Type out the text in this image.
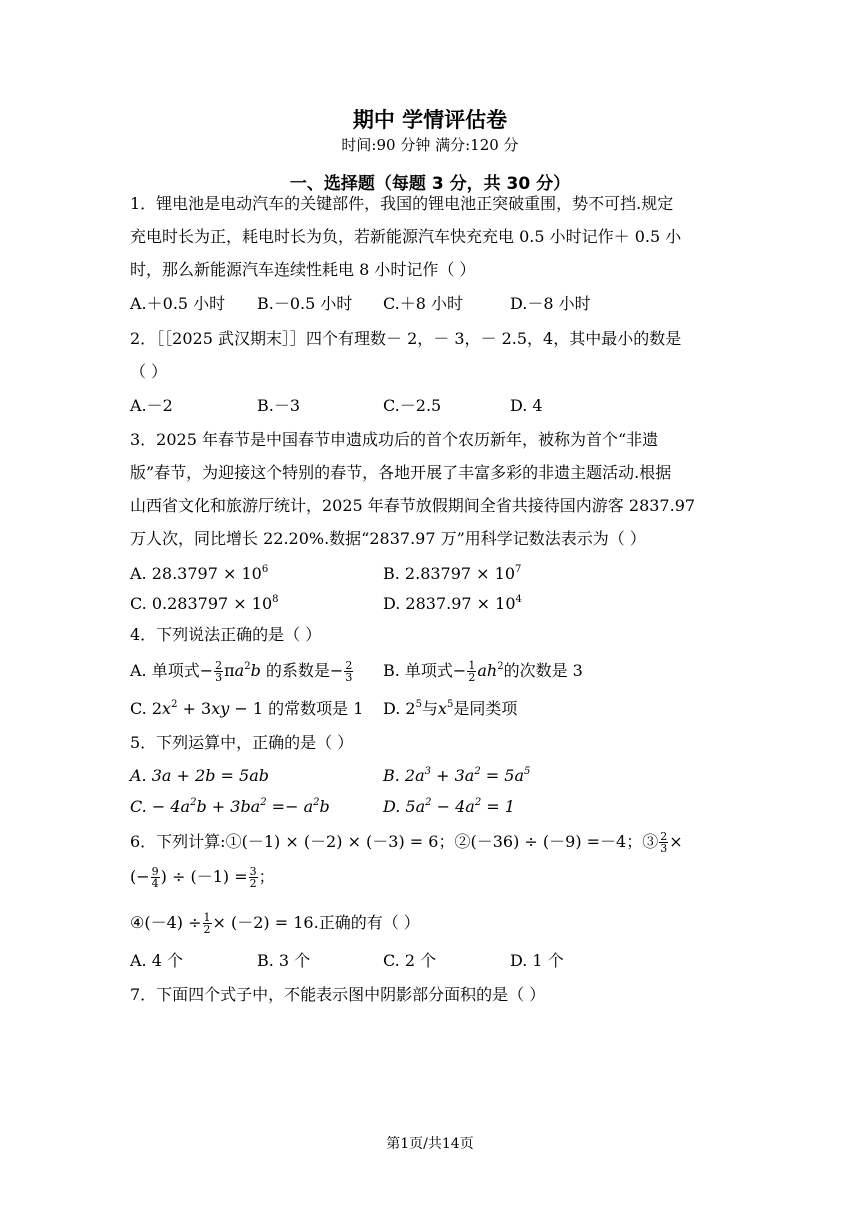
期中 学情评估卷
时间:90 分钟 满分:120 分
一、选择题（每题 3 分，共 30 分）
1．锂电池是电动汽车的关键部件，我国的锂电池正突破重围，势不可挡.规定
充电时长为正，耗电时长为负，若新能源汽车快充充电 0.5 小时记作＋ 0.5 小
时，那么新能源汽车连续性耗电 8 小时记作（ ）
A.＋0.5 小时 B.－0.5 小时 C.＋8 小时	D.－8 小时
2．［［2025 武汉期末］］四个有理数－ 2，－ 3，－ 2.5，4，其中最小的数是
（ ）
A.－2	B.－3	C.－2.5	D. 4
3．2025 年春节是中国春节申遗成功后的首个农历新年，被称为首个“非遗
版”春节，为迎接这个特别的春节，各地开展了丰富多彩的非遗主题活动.根据
山西省文化和旅游厅统计，2025 年春节放假期间全省共接待国内游客 2837.97
万人次，同比增长 22.20%.数据“2837.97 万”用科学记数法表示为（ ）
A. $28.3797 \times 10^6$	B. $2.83797 \times 10^7$
C. $0.283797 \times 10^8$	D. $2837.97 \times 10^4$
4．下列说法正确的是（ ）
A. 单项式− $\frac{2}{3} \pi a^2b$ 的系数是− $\frac{2}{3} B$. 单项式− $\frac{1}{2} ah^2$的次数是 3
C. $2x^2 + 3xy - 1$ 的常数项是 1 D. $2^5$与$x^5$是同类项
5．下列运算中，正确的是（ ）
A. 3a + 2b = 5ab	B. $2a^3 + 3a^2 = 5a^5$
C. − $4a^2b + 3ba^2 =- a^2b$	D. $5a^2 - 4a^2 = 1$
6．下列计算:①(－1) × (－2) × (－3) = 6；②(－36) ÷ (－9) =－4；③ $\frac{2}{3}$ ×
(− $\frac{9}{4}$ ) ÷ $(-1) = \frac{3}{2}$ ；
④(－4) ÷ $\frac{1}{2} \times (-2) = 16$.正确的有（ ）
A. 4 个	B. 3 个	C. 2 个	D. 1 个
7．下面四个式子中，不能表示图中阴影部分面积的是（ ）
第1页/共14页
